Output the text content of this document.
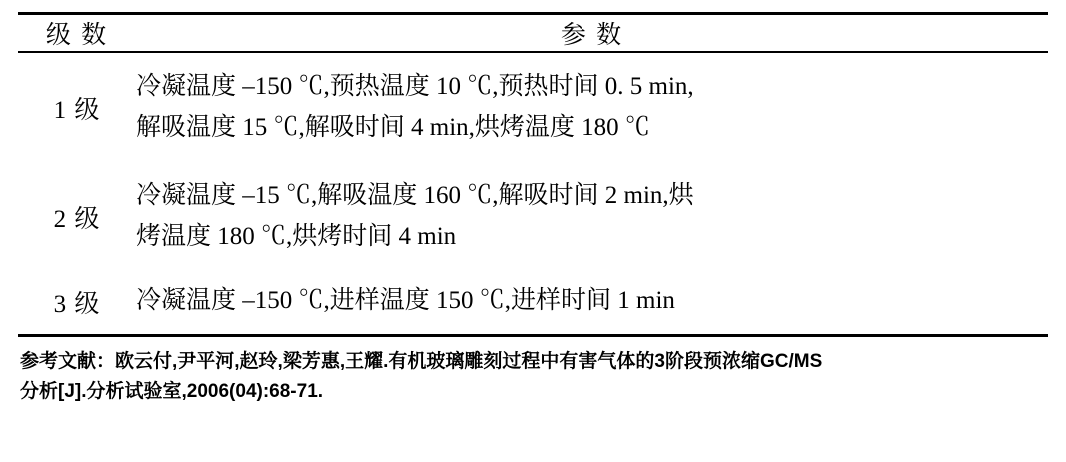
级 数	参 数
1 级	冷凝温度 –150 ℃,预热温度 10 ℃,预热时间 0. 5 min,
解吸温度 15 ℃,解吸时间 4 min,烘烤温度 180 ℃

2 级	冷凝温度 –15 ℃,解吸温度 160 ℃,解吸时间 2 min,烘
烤温度 180 ℃,烘烤时间 4 min

3 级	冷凝温度 –150 ℃,进样温度 150 ℃,进样时间 1 min
参考文献：欧云付,尹平河,赵玲,梁芳惠,王耀.有机玻璃雕刻过程中有害气体的3阶段预浓缩GC/MS
分析[J].分析试验室,2006(04):68-71.
